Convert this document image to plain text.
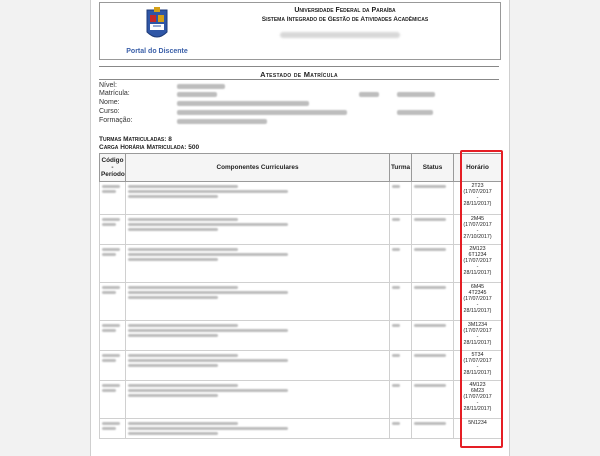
Portal do Discente
Universidade Federal da Paraíba
Sistema Integrado de Gestão de Atividades Acadêmicas
Atestado de Matrícula
Nível:
Matrícula:
Nome:
Curso:
Formação:
Turmas Matriculadas: 8
Carga Horária Matriculada: 500
Código - Período	Componentes Curriculares	Turma	Status	Horário

				2T23
(17/07/2017
-
28/11/2017)

				2M45
(17/07/2017
-
27/10/2017)

				2M123
6T1234
(17/07/2017
-
28/11/2017)

				6M45
4T2345
(17/07/2017
-
28/11/2017)

				3M1234
(17/07/2017
-
28/11/2017)

				5T34
(17/07/2017
-
28/11/2017)

				4M123
6M23
(17/07/2017
-
28/11/2017)

				5N1234
